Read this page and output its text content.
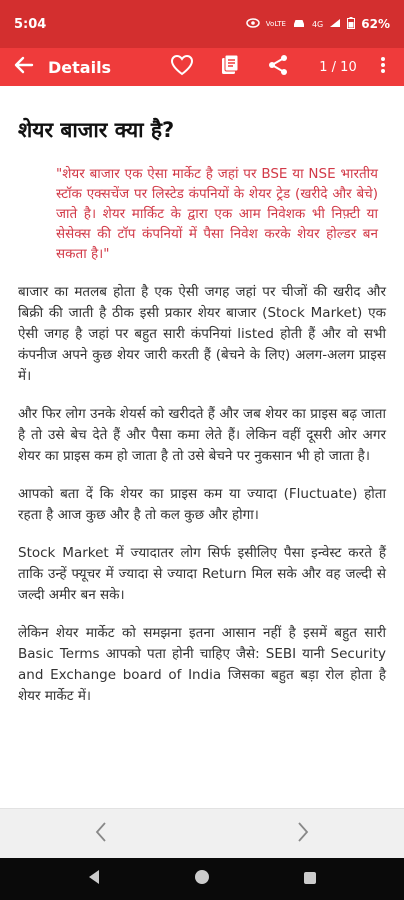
5:04	VoLTE	4G	62%
Details	1 / 10
शेयर बाजार क्या है?
"शेयर बाजार एक ऐसा मार्केट है जहां पर BSE या NSE भारतीय स्टॉक एक्सचेंज पर लिस्टेड कंपनियों के शेयर ट्रेड (खरीदे और बेचे) जाते है। शेयर मार्किट के द्वारा एक आम निवेशक भी निफ़्टी या सेसेक्स की टॉप कंपनियों में पैसा निवेश करके शेयर होल्डर बन सकता है।"

बाजार का मतलब होता है एक ऐसी जगह जहां पर चीजों की खरीद और बिक्री की जाती है ठीक इसी प्रकार शेयर बाजार (Stock Market) एक ऐसी जगह है जहां पर बहुत सारी कंपनियां listed होती हैं और वो सभी कंपनीज अपने कुछ शेयर जारी करती हैं (बेचने के लिए) अलग-अलग प्राइस में।

और फिर लोग उनके शेयर्स को खरीदते हैं और जब शेयर का प्राइस बढ़ जाता है तो उसे बेच देते हैं और पैसा कमा लेते हैं। लेकिन वहीं दूसरी ओर अगर शेयर का प्राइस कम हो जाता है तो उसे बेचने पर नुकसान भी हो जाता है।

आपको बता दें कि शेयर का प्राइस कम या ज्यादा (Fluctuate) होता रहता है आज कुछ और है तो कल कुछ और होगा।

Stock Market में ज्यादातर लोग सिर्फ इसीलिए पैसा इन्वेस्ट करते हैं ताकि उन्हें फ्यूचर में ज्यादा से ज्यादा Return मिल सके और वह जल्दी से जल्दी अमीर बन सके।

लेकिन शेयर मार्केट को समझना इतना आसान नहीं है इसमें बहुत सारी Basic Terms आपको पता होनी चाहिए जैसे: SEBI यानी Security and Exchange board of India जिसका बहुत बड़ा रोल होता है शेयर मार्केट में।
